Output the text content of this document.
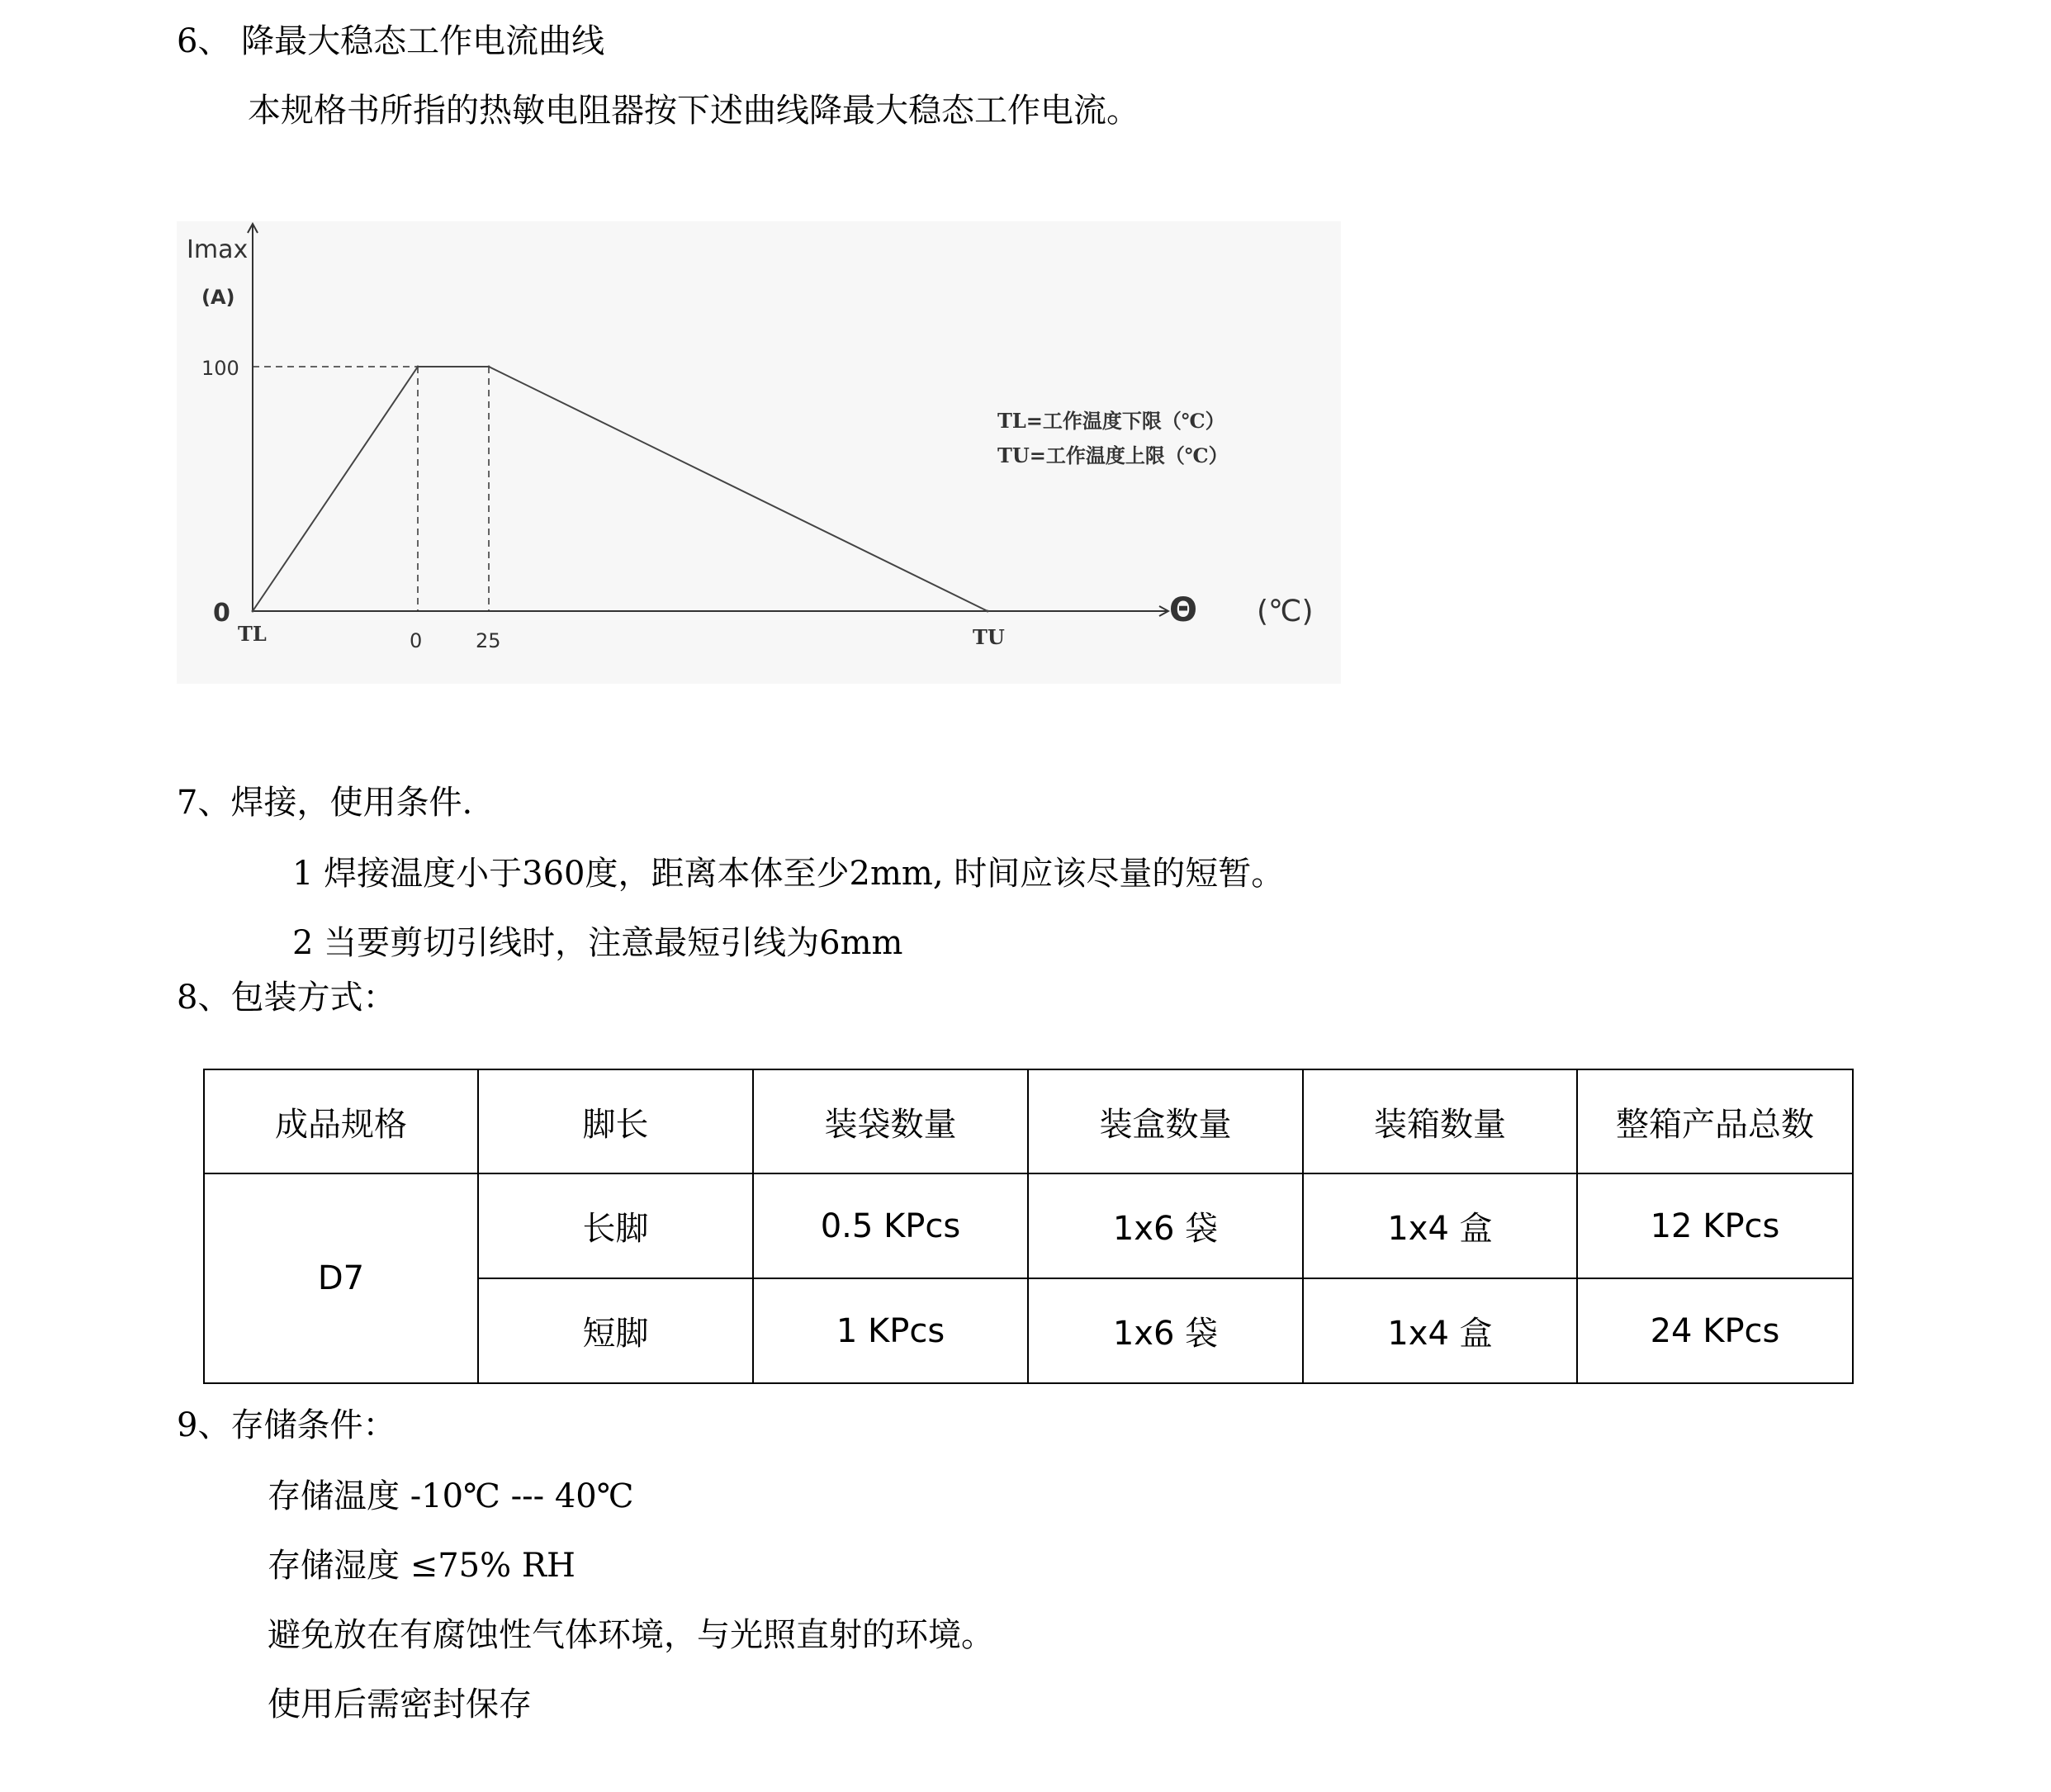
6、 降最大稳态工作电流曲线
本规格书所指的热敏电阻器按下述曲线降最大稳态工作电流。
Imax
(A)
Θ (℃)
0
100
TL	0	25	TU
TL=工作温度下限（℃）
TU=工作温度上限（℃）
7、焊接，使用条件.
1 焊接温度小于360度，距离本体至少2mm, 时间应该尽量的短暂。
2 当要剪切引线时，注意最短引线为6mm
8、包装方式：
成品规格	脚长	装袋数量	装盒数量	装箱数量	整箱产品总数
D7	长脚	0.5 KPcs	1x6 袋	1x4 盒	12 KPcs
	短脚	1 KPcs	1x6 袋	1x4 盒	24 KPcs
9、存储条件：
存储温度 -10℃ --- 40℃
存储湿度 ≤75% RH
避免放在有腐蚀性气体环境，与光照直射的环境。
使用后需密封保存
